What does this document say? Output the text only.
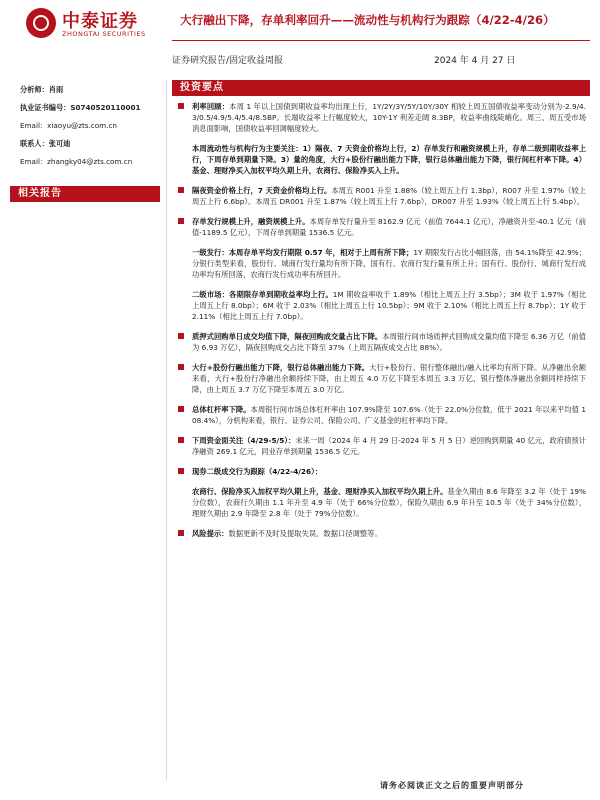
中泰证券
ZHONGTAI SECURITIES
大行融出下降，存单利率回升——流动性与机构行为跟踪（4/22-4/26）
证券研究报告/固定收益周报	2024 年 4 月 27 日
分析师：肖雨
执业证书编号：S0740520110001
Email：xiaoyu@zts.com.cn
联系人：张可迪
Email：zhangky04@zts.com.cn
相关报告
投资要点
利率回顾：本周 1 年以上国债到期收益率均出现上行，1Y/2Y/3Y/5Y/10Y/30Y 相较上周五国债收益率变动分别为-2.9/4.3/0.5/4.9/5.4/5.4/8.5BP。长端收益率上行幅度较大，10Y-1Y 利差走阔 8.3BP，收益率曲线陡峭化。周三、周五受市场消息面影响，国债收益率回调幅度较大。
本周流动性与机构行为主要关注：1）隔夜、7 天资金价格均上行，2）存单发行和融资规模上升，存单二级到期收益率上行，下周存单到期量下降。3）量的角度，大行+股份行融出能力下降，银行总体融出能力下降，银行间杠杆率下降。4）基金、理财净买入加权平均久期上升，农商行、保险净买入上升。
隔夜资金价格上行，7 天资金价格均上行。本周五 R001 升至 1.88%（较上周五上行 1.3bp），R007 升至 1.97%（较上周五上行 6.6bp）。本周五 DR001 升至 1.87%（较上周五上行 7.6bp），DR007 升至 1.93%（较上周五上行 5.4bp）。
存单发行规模上升，融资规模上升。本周存单发行量升至 8162.9 亿元（前值 7644.1 亿元），净融资升至-40.1 亿元（前值-1189.5 亿元），下周存单到期量 1536.5 亿元。
一级发行：本周存单平均发行期限 0.57 年，相对于上周有所下降；1Y 期限发行占比小幅回落，由 54.1%降至 42.9%；分银行类型来看，股份行、城商行发行量均有所下降，国有行、农商行发行量有所上升；国有行、股份行、城商行发行成功率均有所回落，农商行发行成功率有所回升。
二级市场：各期限存单到期收益率均上行。1M 期收益率收于 1.89%（相比上周五上行 3.5bp）；3M 收于 1.97%（相比上周五上行 8.0bp）；6M 收于 2.03%（相比上周五上行 10.5bp）；9M 收于 2.10%（相比上周五上行 8.7bp）；1Y 收于 2.11%（相比上周五上行 7.0bp）。
质押式回购单日成交均值下降，隔夜回购成交量占比下降。本周银行间市场质押式回购成交量均值下降至 6.36 万亿（前值为 6.93 万亿），隔夜回购成交占比下降至 37%（上周五隔夜成交占比 88%）。
大行+股份行融出能力下降，银行总体融出能力下降。大行+股份行、银行整体融出/融入比率均有所下降。从净融出余额来看，大行+股份行净融出余额持续下降，由上周五 4.0 万亿下降至本周五 3.3 万亿，银行整体净融出余额同样持续下降，由上周五 3.7 万亿下降至本周五 3.0 万亿。
总体杠杆率下降。本周银行间市场总体杠杆率由 107.9%降至 107.6%（处于 22.0%分位数，低于 2021 年以来平均值 108.4%），分机构来看，银行、证券公司、保险公司、广义基金的杠杆率均下降。
下周资金面关注（4/29-5/5）：未来一周（2024 年 4 月 29 日-2024 年 5 月 5 日）逆回购到期量 40 亿元，政府债预计净融资 269.1 亿元，同业存单到期量 1536.5 亿元。
现券二级成交行为跟踪（4/22-4/26）：
农商行、保险净买入加权平均久期上升，基金、理财净买入加权平均久期上升。基金久期由 8.6 年降至 3.2 年（处于 19%分位数），农商行久期由 1.1 年升至 4.9 年（处于 66%分位数），保险久期由 6.9 年升至 10.5 年（处于 34%分位数），理财久期由 2.9 年降至 2.8 年（处于 79%分位数）。
风险提示：数据更新不及时及提取失误、数据口径调整等。
请务必阅读正文之后的重要声明部分
